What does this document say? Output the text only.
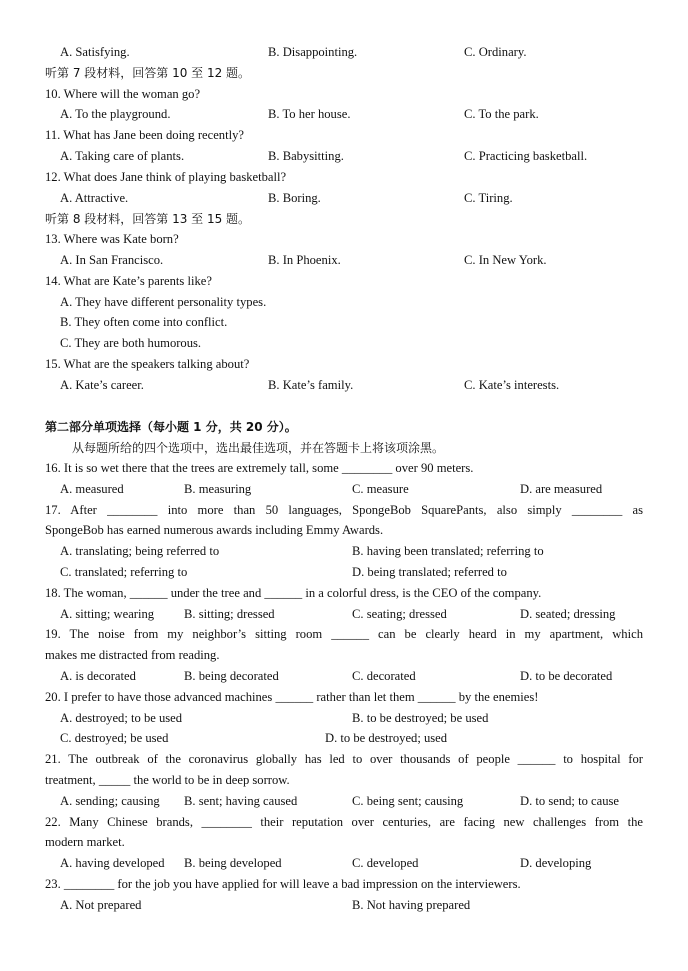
A. Satisfying.	B. Disappointing.	C. Ordinary.
听第 7 段材料，回答第 10 至 12 题。
10. Where will the woman go?
A. To the playground.	B. To her house.	C. To the park.
11. What has Jane been doing recently?
A. Taking care of plants.	B. Babysitting.	C. Practicing basketball.
12. What does Jane think of playing basketball?
A. Attractive.	B. Boring.	C. Tiring.
听第 8 段材料，回答第 13 至 15 题。
13. Where was Kate born?
A. In San Francisco.	B. In Phoenix.	C. In New York.
14. What are Kate’s parents like?
A. They have different personality types.
B. They often come into conflict.
C. They are both humorous.
15. What are the speakers talking about?
A. Kate’s career.	B. Kate’s family.	C. Kate’s interests.
第二部分单项选择（每小题 1 分，共 20 分）。
从每题所给的四个选项中，选出最佳选项，并在答题卡上将该项涂黑。
16. It is so wet there that the trees are extremely tall, some ________ over 90 meters.
A. measured	B. measuring	C. measure	D. are measured
17. After ________ into more than 50 languages, SpongeBob SquarePants, also simply ________ as
SpongeBob has earned numerous awards including Emmy Awards.
A. translating; being referred to	B. having been translated; referring to
C. translated; referring to	D. being translated; referred to
18. The woman, ______ under the tree and ______ in a colorful dress, is the CEO of the company.
A. sitting; wearing B. sitting; dressed	C. seating; dressed	D. seated; dressing
19. The noise from my neighbor’s sitting room ______ can be clearly heard in my apartment, which
makes me distracted from reading.
A. is decorated	B. being decorated	C. decorated	D. to be decorated
20. I prefer to have those advanced machines ______ rather than let them ______ by the enemies!
A. destroyed; to be used	B. to be destroyed; be used
C. destroyed; be used	D. to be destroyed; used
21. The outbreak of the coronavirus globally has led to over thousands of people ______ to hospital for
treatment, _____ the world to be in deep sorrow.
A. sending; causing B. sent; having caused	C. being sent; causing	D. to send; to cause
22. Many Chinese brands, ________ their reputation over centuries, are facing new challenges from the
modern market.
A. having developed B. being developed	C. developed	D. developing
23. ________ for the job you have applied for will leave a bad impression on the interviewers.
A. Not prepared	B. Not having prepared
